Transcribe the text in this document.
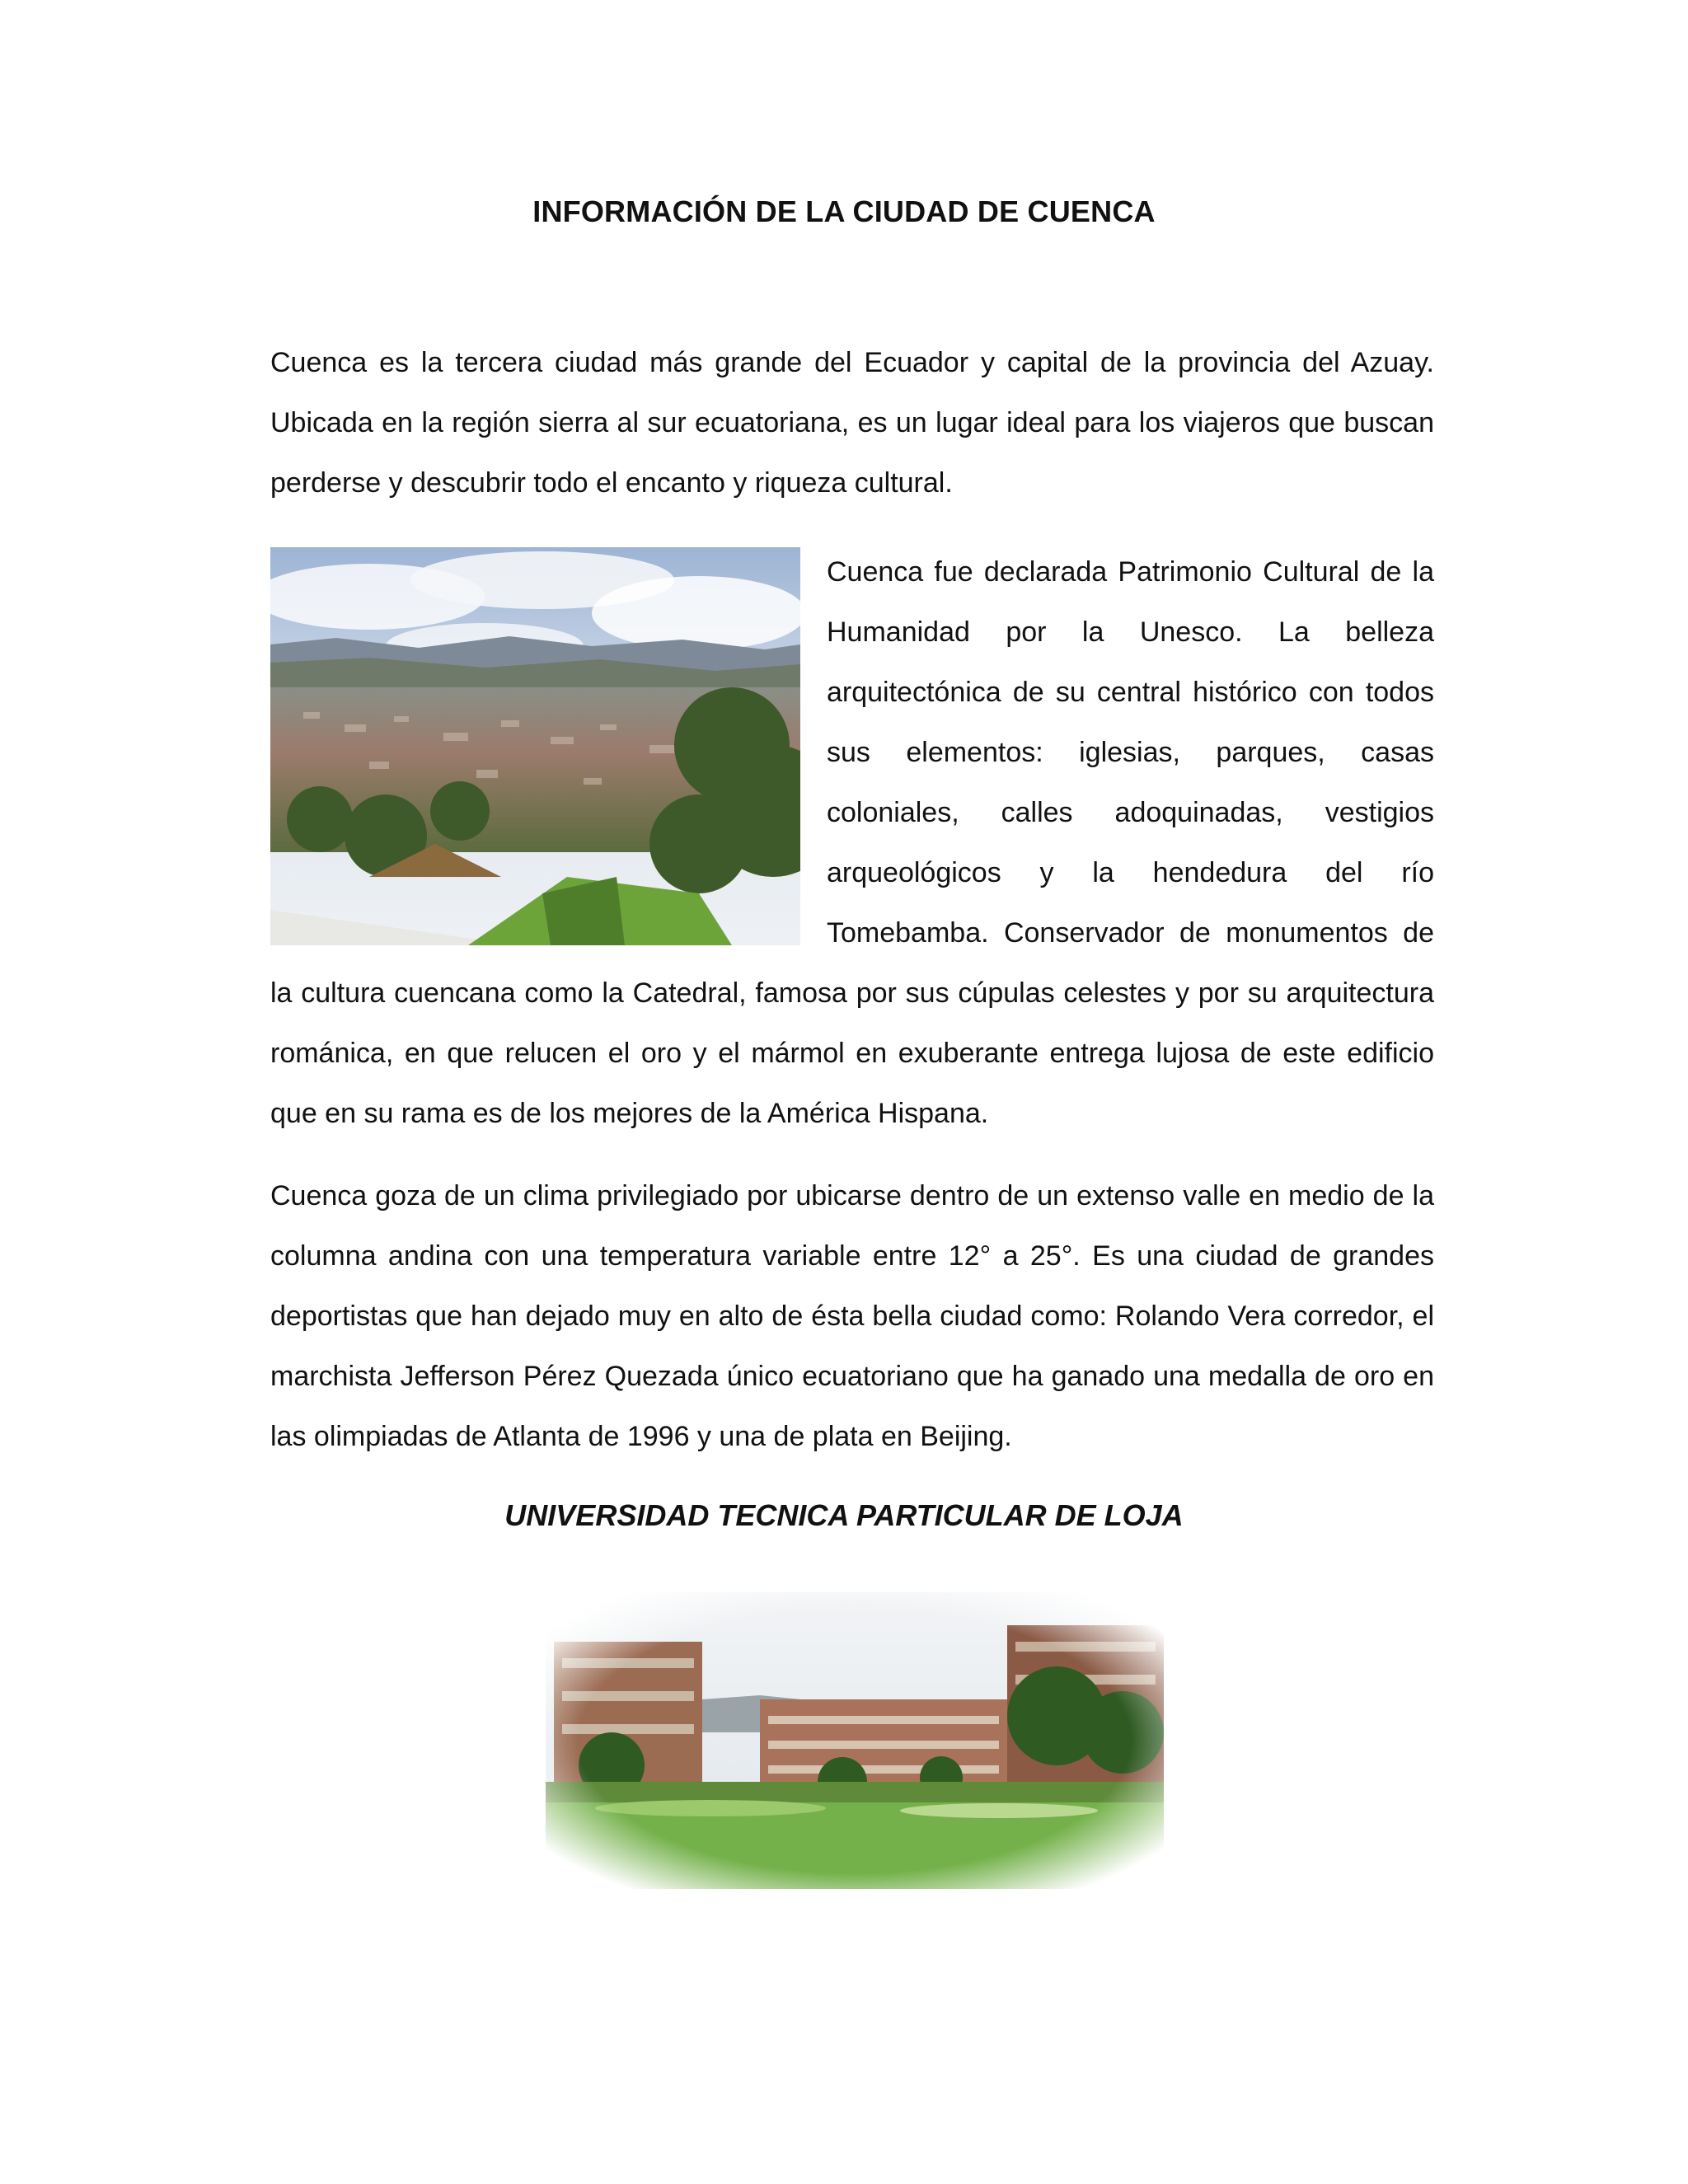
INFORMACIÓN DE LA CIUDAD DE CUENCA
Cuenca es la tercera ciudad más grande del Ecuador y capital de la provincia del Azuay. Ubicada en la región sierra al sur ecuatoriana, es un lugar ideal para los viajeros que buscan perderse y descubrir todo el encanto y riqueza cultural.
Cuenca fue declarada Patrimonio Cultural de la Humanidad por la Unesco. La belleza arquitectónica de su central histórico con todos sus elementos: iglesias, parques, casas coloniales, calles adoquinadas, vestigios arqueológicos y la hendedura del río Tomebamba. Conservador de monumentos de la cultura cuencana como la Catedral, famosa por sus cúpulas celestes y por su arquitectura románica, en que relucen el oro y el mármol en exuberante entrega lujosa de este edificio que en su rama es de los mejores de la América Hispana.
Cuenca goza de un clima privilegiado por ubicarse dentro de un extenso valle en medio de la columna andina con una temperatura variable entre 12° a 25°. Es una ciudad de grandes deportistas que han dejado muy en alto de ésta bella ciudad como: Rolando Vera corredor, el marchista Jefferson Pérez Quezada único ecuatoriano que ha ganado una medalla de oro en las olimpiadas de Atlanta de 1996 y una de plata en Beijing.
UNIVERSIDAD TECNICA PARTICULAR DE LOJA
